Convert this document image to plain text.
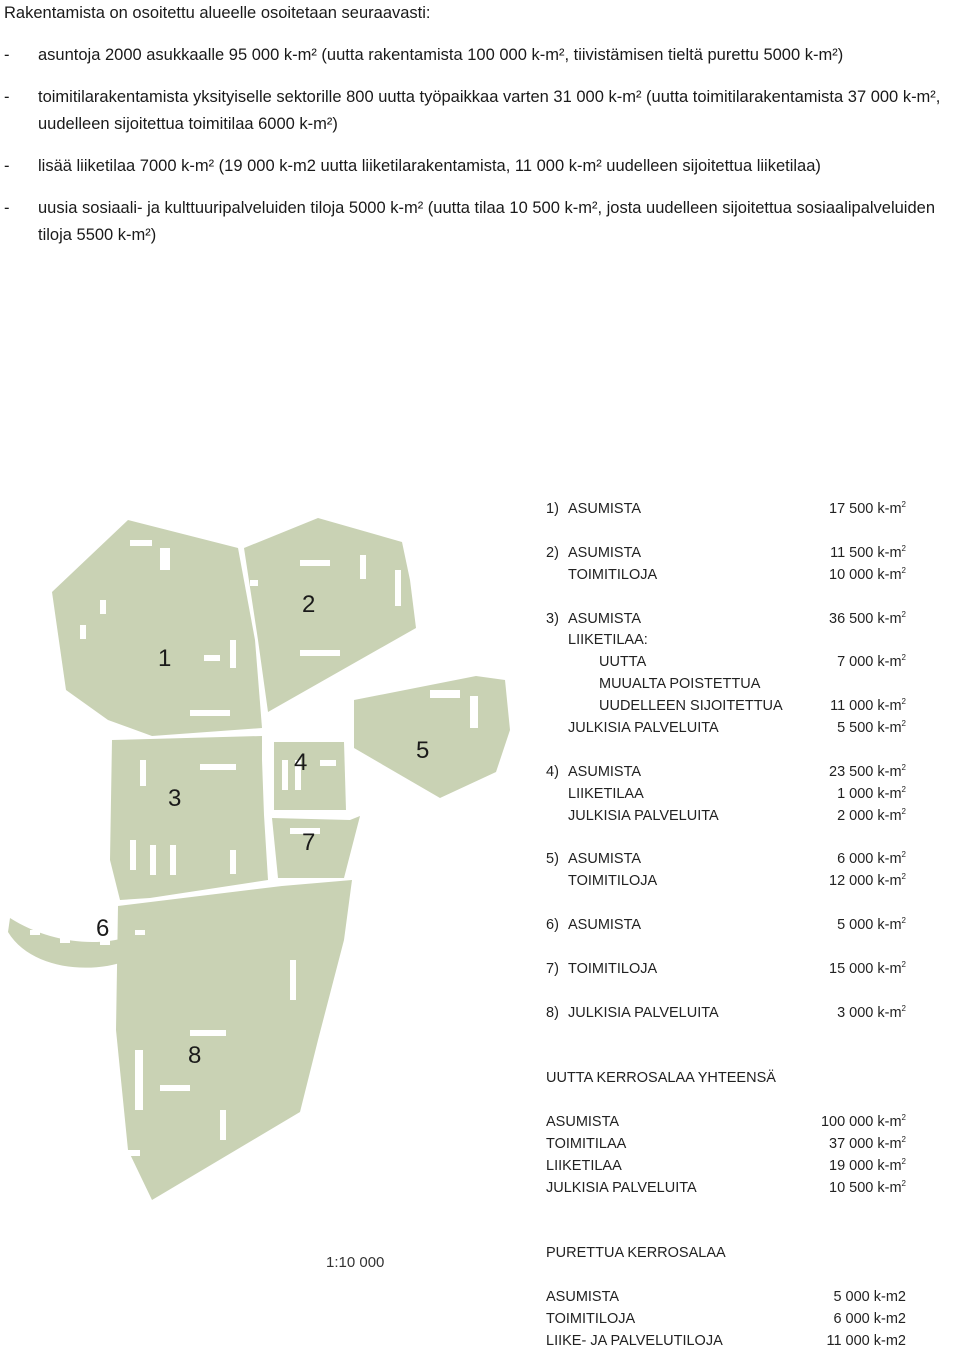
Rakentamista on osoitettu alueelle osoitetaan seuraavasti:

-	asuntoja 2000 asukkaalle 95 000 k-m² (uutta rakentamista 100 000 k-m², tiivistämisen tieltä purettu 5000 k-m²)
-	toimitilarakentamista yksityiselle sektorille 800 uutta työpaikkaa varten 31 000 k-m² (uutta toimitilarakentamista 37 000 k-m², uudelleen sijoitettua toimitilaa 6000 k-m²)
-	lisää liiketilaa 7000 k-m² (19 000 k-m2 uutta liiketilarakentamista, 11 000 k-m² uudelleen sijoitettua liiketilaa)
-	uusia sosiaali- ja kulttuuripalveluiden tiloja 5000 k-m² (uutta tilaa 10 500 k-m², josta uudelleen sijoitettua sosiaalipalveluiden tiloja 5500 k-m²)
1
2
3
4	5
6
7
8
1:10 000
1) ASUMISTA	17 500 $k-m^2$
2) ASUMISTA	11 500 $k-m^2$
TOIMITILOJA	10 000 $k-m^2$
3) ASUMISTA	36 500 $k-m^2$
LIIKETILAA:
UUTTA	7 000 $k-m^2$
MUUALTA POISTETTUA
UUDELLEEN SIJOITETTUA	11 000 $k-m^2$
JULKISIA PALVELUITA	5 500 $k-m^2$
4) ASUMISTA	23 500 $k-m^2$
LIIKETILAA	1 000 $k-m^2$
JULKISIA PALVELUITA	2 000 $k-m^2$
5) ASUMISTA	6 000 $k-m^2$
TOIMITILOJA	12 000 $k-m^2$
6) ASUMISTA	5 000 $k-m^2$
7) TOIMITILOJA	15 000 $k-m^2$
8) JULKISIA PALVELUITA	3 000 $k-m^2$
UUTTA KERROSALAA YHTEENSÄ
ASUMISTA	100 000 $k-m^2$
TOIMITILAA	37 000 $k-m^2$
LIIKETILAA	19 000 $k-m^2$
JULKISIA PALVELUITA	10 500 $k-m^2$
PURETTUA KERROSALAA
ASUMISTA	5 000 k-m2
TOIMITILOJA	6 000 k-m2
LIIKE- JA PALVELUTILOJA	11 000 k-m2
